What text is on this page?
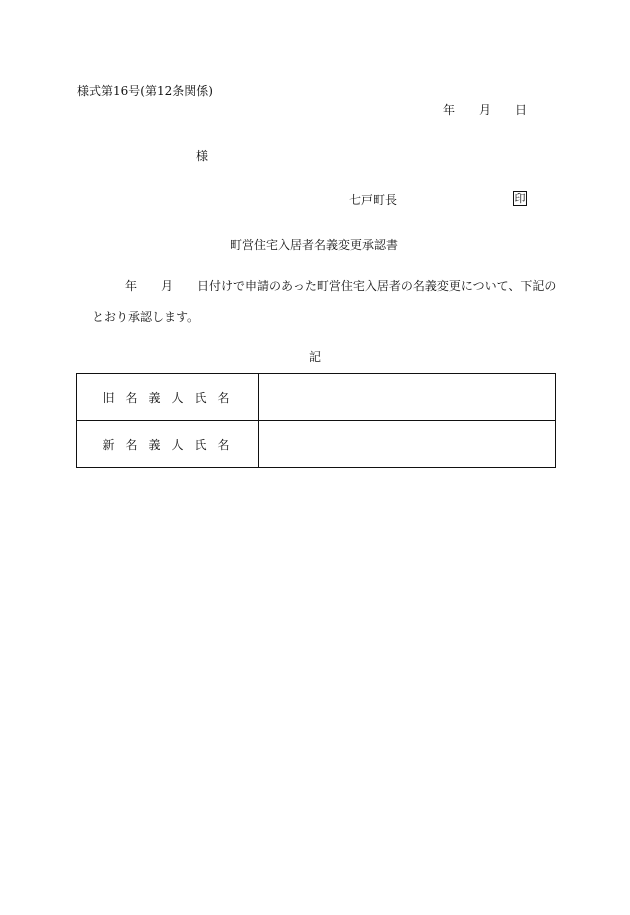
様式第16号(第12条関係)
年 月 日
様
七戸町長	印
町営住宅入居者名義変更承認書
年 月 日付けで申請のあった町営住宅入居者の名義変更について、下記の
とおり承認します。
記
旧名義人氏名	
新名義人氏名	
